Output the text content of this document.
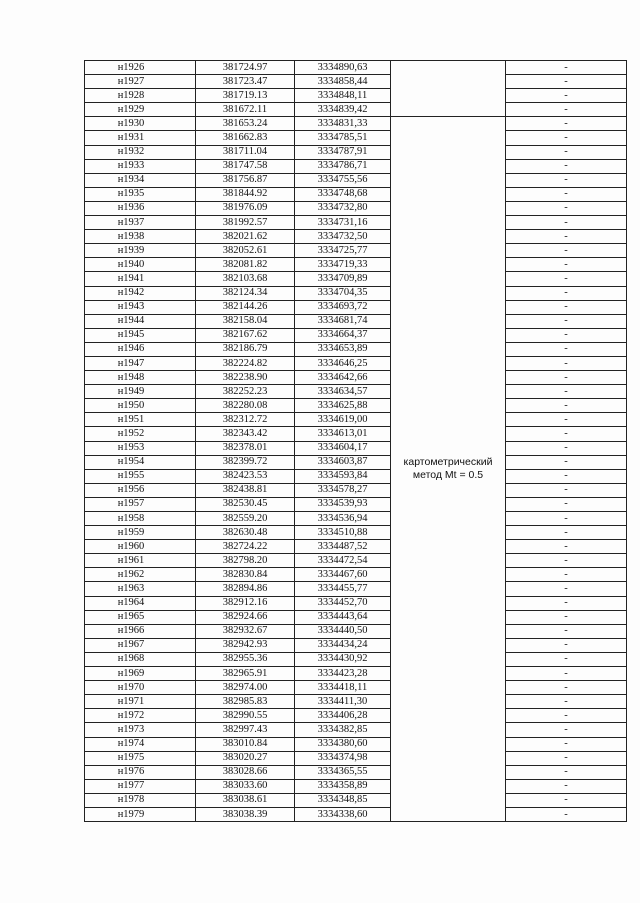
н1926	381724.97	3334890,63		-
н1927	381723.47	3334858,44		-
н1928	381719.13	3334848,11		-
н1929	381672.11	3334839,42		-
н1930	381653.24	3334831,33	картометрический метод Mt = 0.5	-
н1931	381662.83	3334785,51		-
н1932	381711.04	3334787,91		-
н1933	381747.58	3334786,71		-
н1934	381756.87	3334755,56		-
н1935	381844.92	3334748,68		-
н1936	381976.09	3334732,80		-
н1937	381992.57	3334731,16		-
н1938	382021.62	3334732,50		-
н1939	382052.61	3334725,77		-
н1940	382081.82	3334719,33		-
н1941	382103.68	3334709,89		-
н1942	382124.34	3334704,35		-
н1943	382144.26	3334693,72		-
н1944	382158.04	3334681,74		-
н1945	382167.62	3334664,37		-
н1946	382186.79	3334653,89		-
н1947	382224.82	3334646,25		-
н1948	382238.90	3334642,66		-
н1949	382252.23	3334634,57		-
н1950	382280.08	3334625,88		-
н1951	382312.72	3334619,00		-
н1952	382343.42	3334613,01		-
н1953	382378.01	3334604,17		-
н1954	382399.72	3334603,87		-
н1955	382423.53	3334593,84		-
н1956	382438.81	3334578,27		-
н1957	382530.45	3334539,93		-
н1958	382559.20	3334536,94		-
н1959	382630.48	3334510,88		-
н1960	382724.22	3334487,52		-
н1961	382798.20	3334472,54		-
н1962	382830.84	3334467,60		-
н1963	382894.86	3334455,77		-
н1964	382912.16	3334452,70		-
н1965	382924.66	3334443,64		-
н1966	382932.67	3334440,50		-
н1967	382942.93	3334434,24		-
н1968	382955.36	3334430,92		-
н1969	382965.91	3334423,28		-
н1970	382974.00	3334418,11		-
н1971	382985.83	3334411,30		-
н1972	382990.55	3334406,28		-
н1973	382997.43	3334382,85		-
н1974	383010.84	3334380,60		-
н1975	383020.27	3334374,98		-
н1976	383028.66	3334365,55		-
н1977	383033.60	3334358,89		-
н1978	383038.61	3334348,85		-
н1979	383038.39	3334338,60		-
